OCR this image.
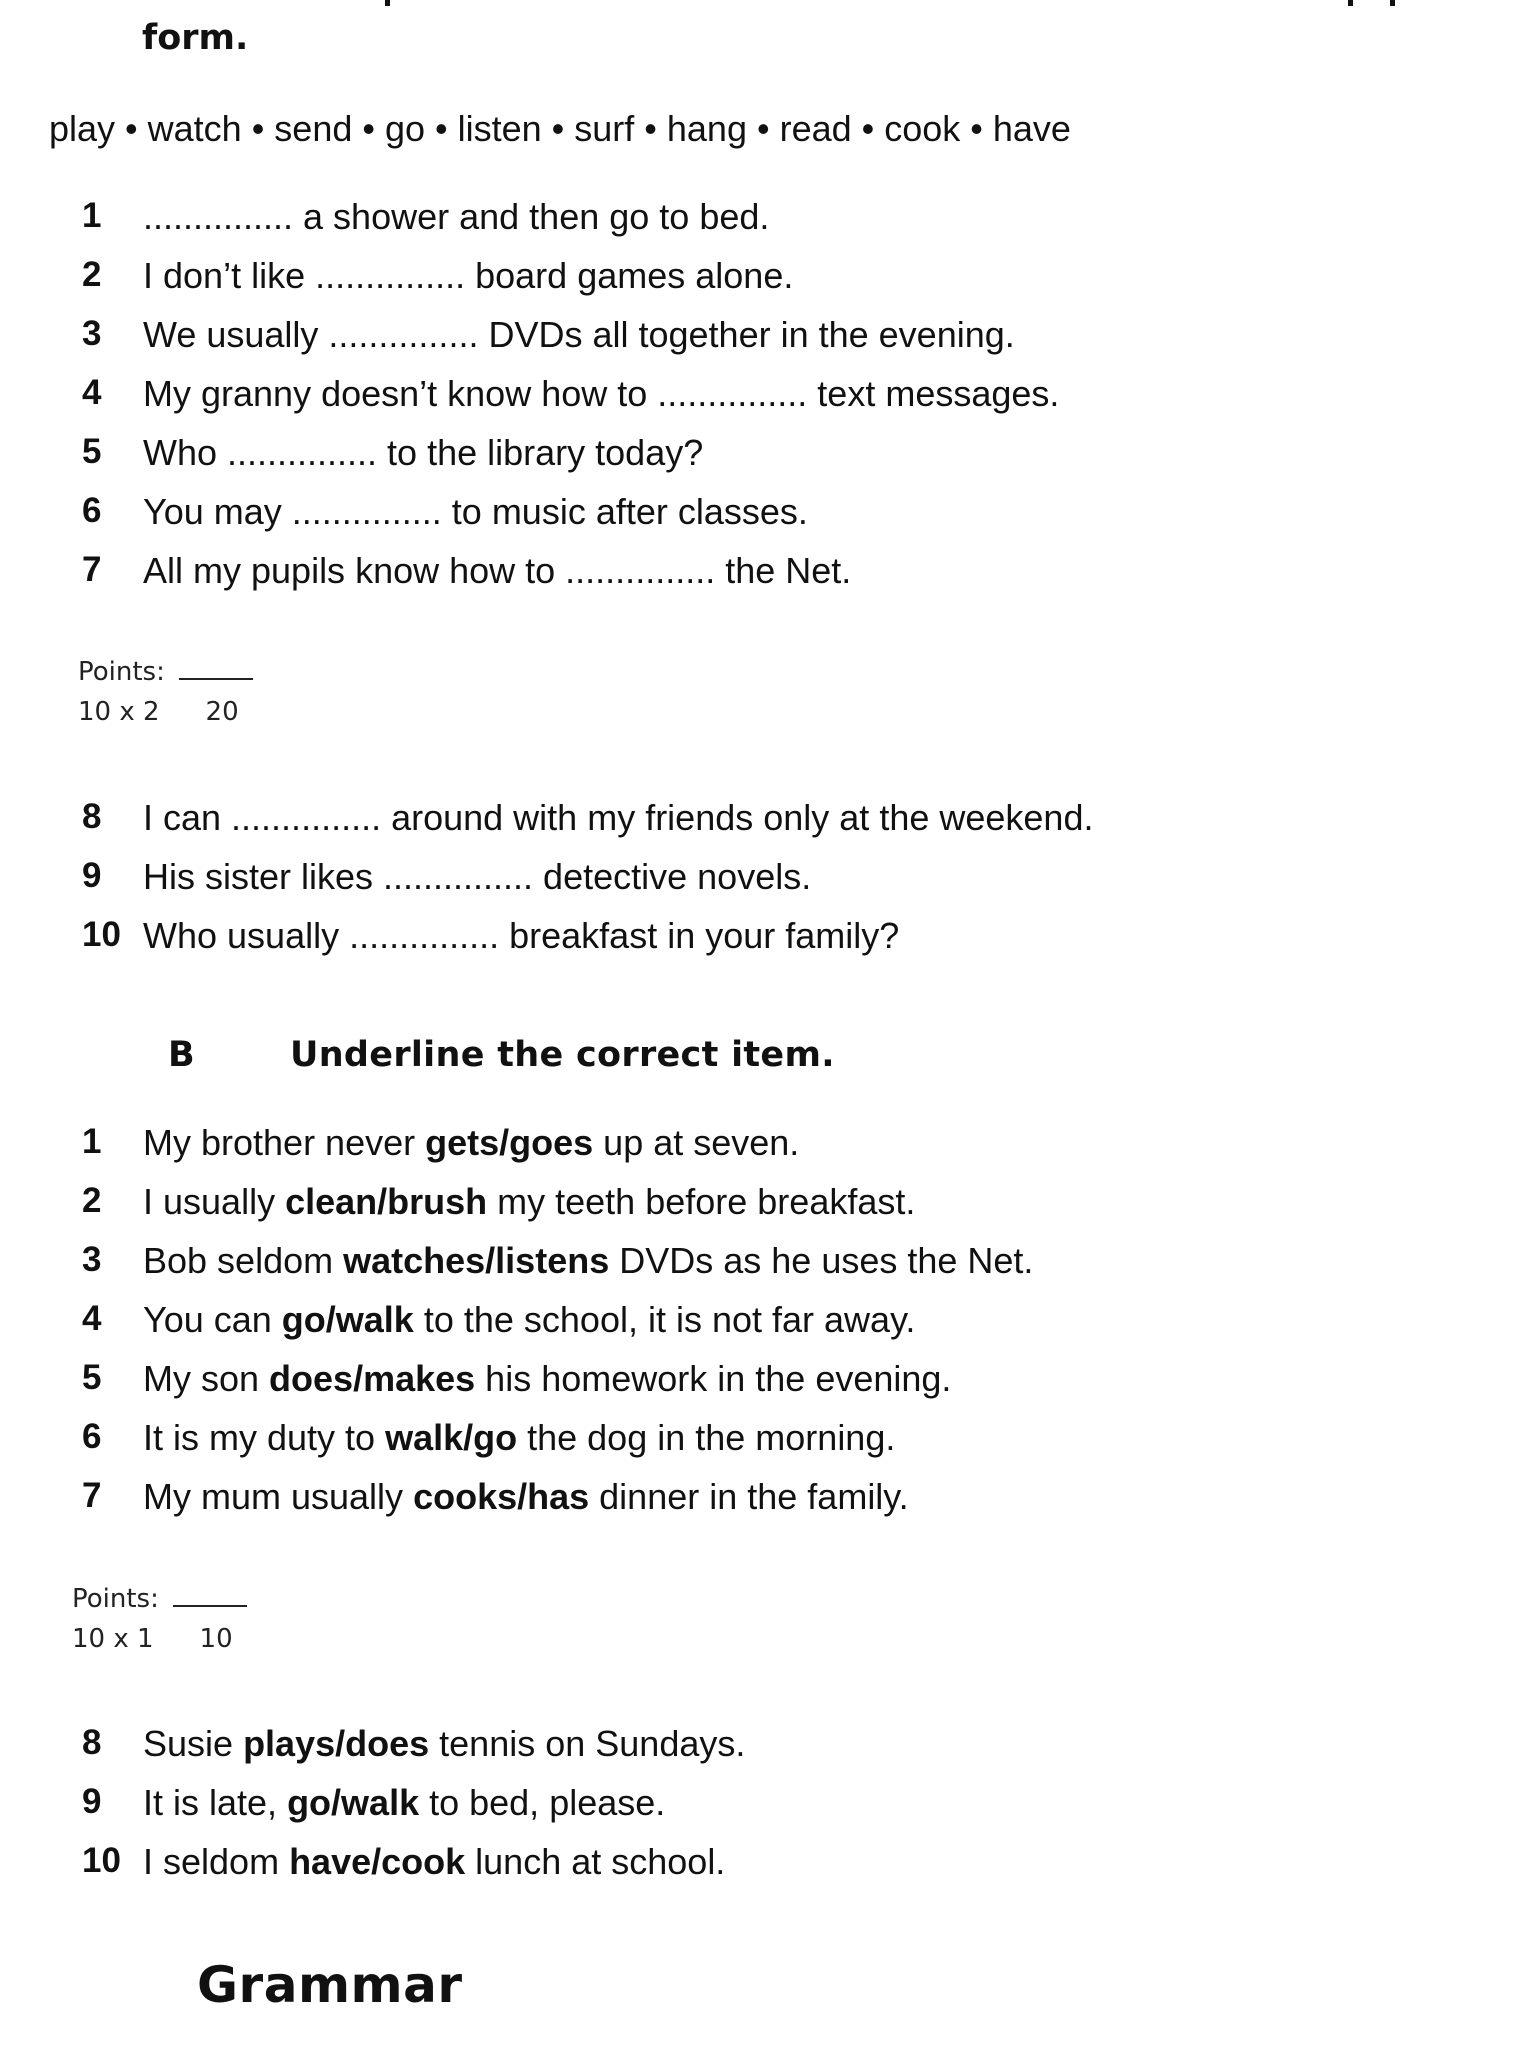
form.
play • watch • send • go • listen • surf • hang • read • cook • have
1 ............... a shower and then go to bed.
2 I don’t like ............... board games alone.
3 We usually ............... DVDs all together in the evening.
4 My granny doesn’t know how to ............... text messages.
5 Who ............... to the library today?
6 You may ............... to music after classes.
7 All my pupils know how to ............... the Net.
Points:
10 x 2 20
8 I can ............... around with my friends only at the weekend.
9 His sister likes ............... detective novels.
10 Who usually ............... breakfast in your family?
B	Underline the correct item.
1 My brother never gets/goes up at seven.
2 I usually clean/brush my teeth before breakfast.
3 Bob seldom watches/listens DVDs as he uses the Net.
4 You can go/walk to the school, it is not far away.
5 My son does/makes his homework in the evening.
6 It is my duty to walk/go the dog in the morning.
7 My mum usually cooks/has dinner in the family.
Points:
10 x 1 10
8 Susie plays/does tennis on Sundays.
9 It is late, go/walk to bed, please.
10 I seldom have/cook lunch at school.
Grammar
